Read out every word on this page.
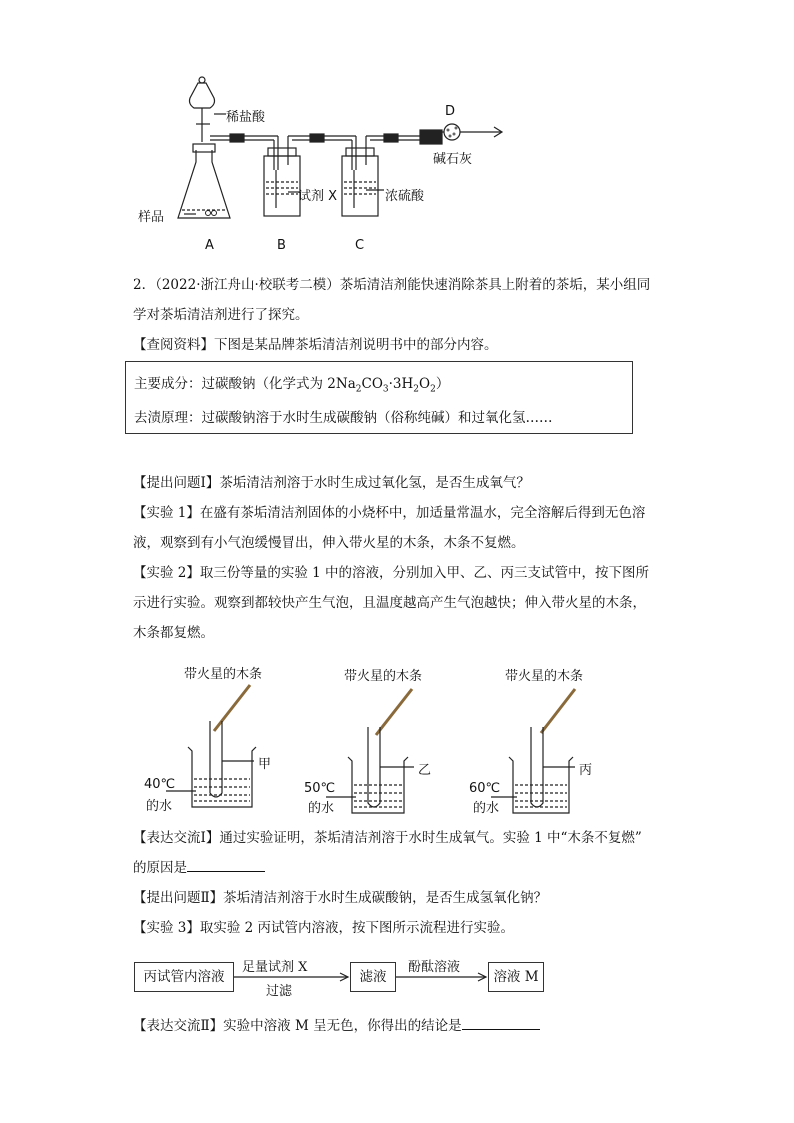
稀盐酸
样品
试剂 X	浓硫酸
D
碱石灰
A	B	C
2．（2022·浙江舟山·校联考二模）茶垢清洁剂能快速消除茶具上附着的茶垢，某小组同
学对茶垢清洁剂进行了探究。
【查阅资料】下图是某品牌茶垢清洁剂说明书中的部分内容。
主要成分：过碳酸钠（化学式为 $2Na_2CO_3\cdot 3H_2O_2$）
去渍原理：过碳酸钠溶于水时生成碳酸钠（俗称纯碱）和过氧化氢……
【提出问题Ⅰ】茶垢清洁剂溶于水时生成过氧化氢，是否生成氧气？
【实验 1】在盛有茶垢清洁剂固体的小烧杯中，加适量常温水，完全溶解后得到无色溶
液，观察到有小气泡缓慢冒出，伸入带火星的木条，木条不复燃。
【实验 2】取三份等量的实验 1 中的溶液，分别加入甲、乙、丙三支试管中，按下图所
示进行实验。观察到都较快产生气泡，且温度越高产生气泡越快；伸入带火星的木条，
木条都复燃。
带火星的木条
甲
40℃
的水
带火星的木条
乙
50℃
的水
带火星的木条
丙
60℃
的水
【表达交流Ⅰ】通过实验证明，茶垢清洁剂溶于水时生成氧气。实验 1 中“木条不复燃”
的原因是
【提出问题Ⅱ】茶垢清洁剂溶于水时生成碳酸钠，是否生成氢氧化钠？
【实验 3】取实验 2 丙试管内溶液，按下图所示流程进行实验。
丙试管内溶液
足量试剂 X
过滤
滤液
酚酞溶液
溶液 M
【表达交流Ⅱ】实验中溶液 M 呈无色，你得出的结论是
